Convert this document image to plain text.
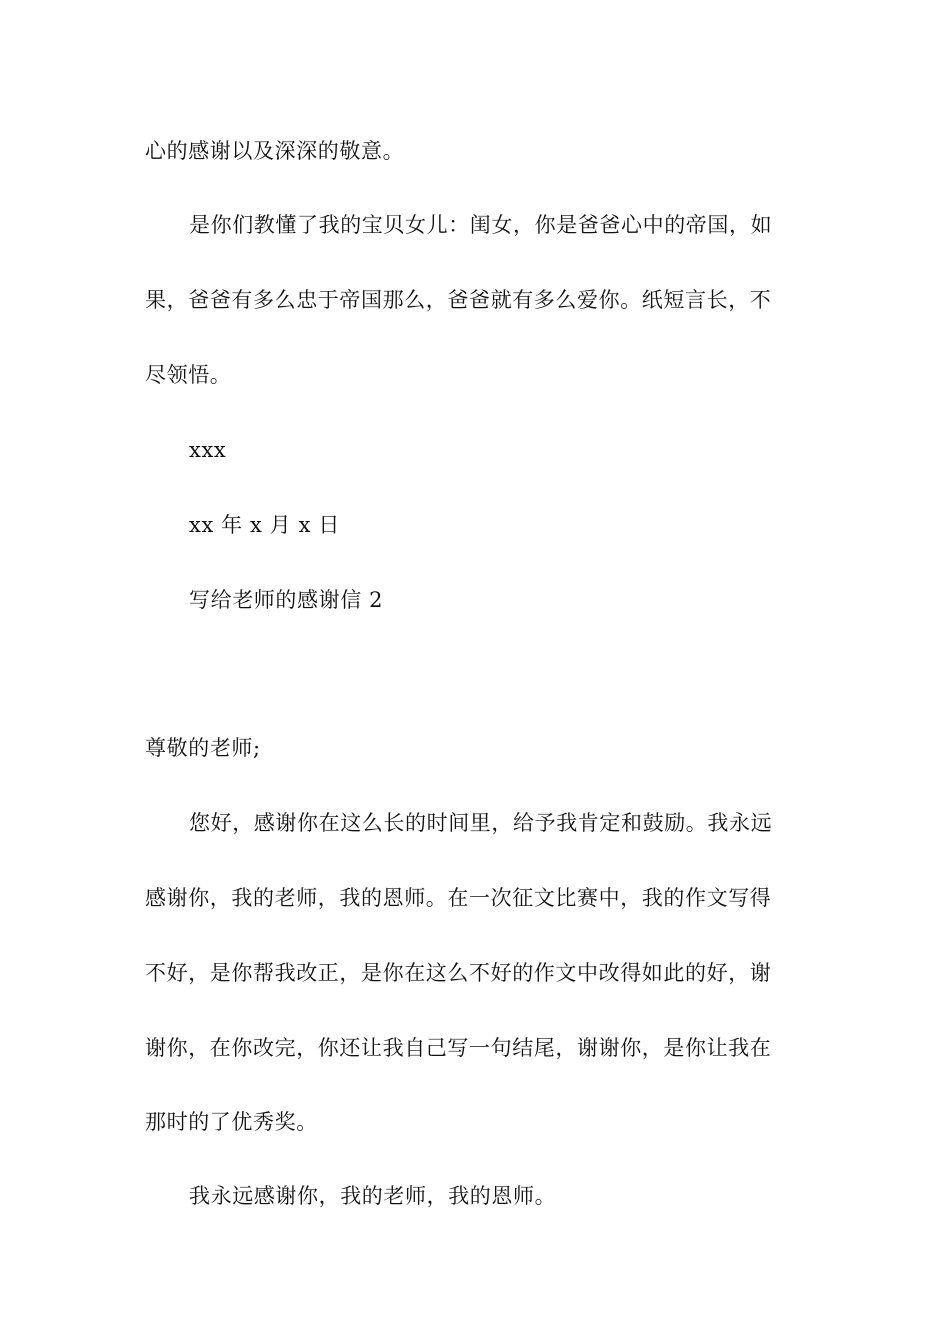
心的感谢以及深深的敬意。
是你们教懂了我的宝贝女儿：闺女，你是爸爸心中的帝国，如
果，爸爸有多么忠于帝国那么，爸爸就有多么爱你。纸短言长，不
尽领悟。
xxx
xx 年 x 月 x 日
写给老师的感谢信 2
尊敬的老师;
您好，感谢你在这么长的时间里，给予我肯定和鼓励。我永远
感谢你，我的老师，我的恩师。在一次征文比赛中，我的作文写得
不好，是你帮我改正，是你在这么不好的作文中改得如此的好，谢
谢你，在你改完，你还让我自己写一句结尾，谢谢你，是你让我在
那时的了优秀奖。
我永远感谢你，我的老师，我的恩师。
